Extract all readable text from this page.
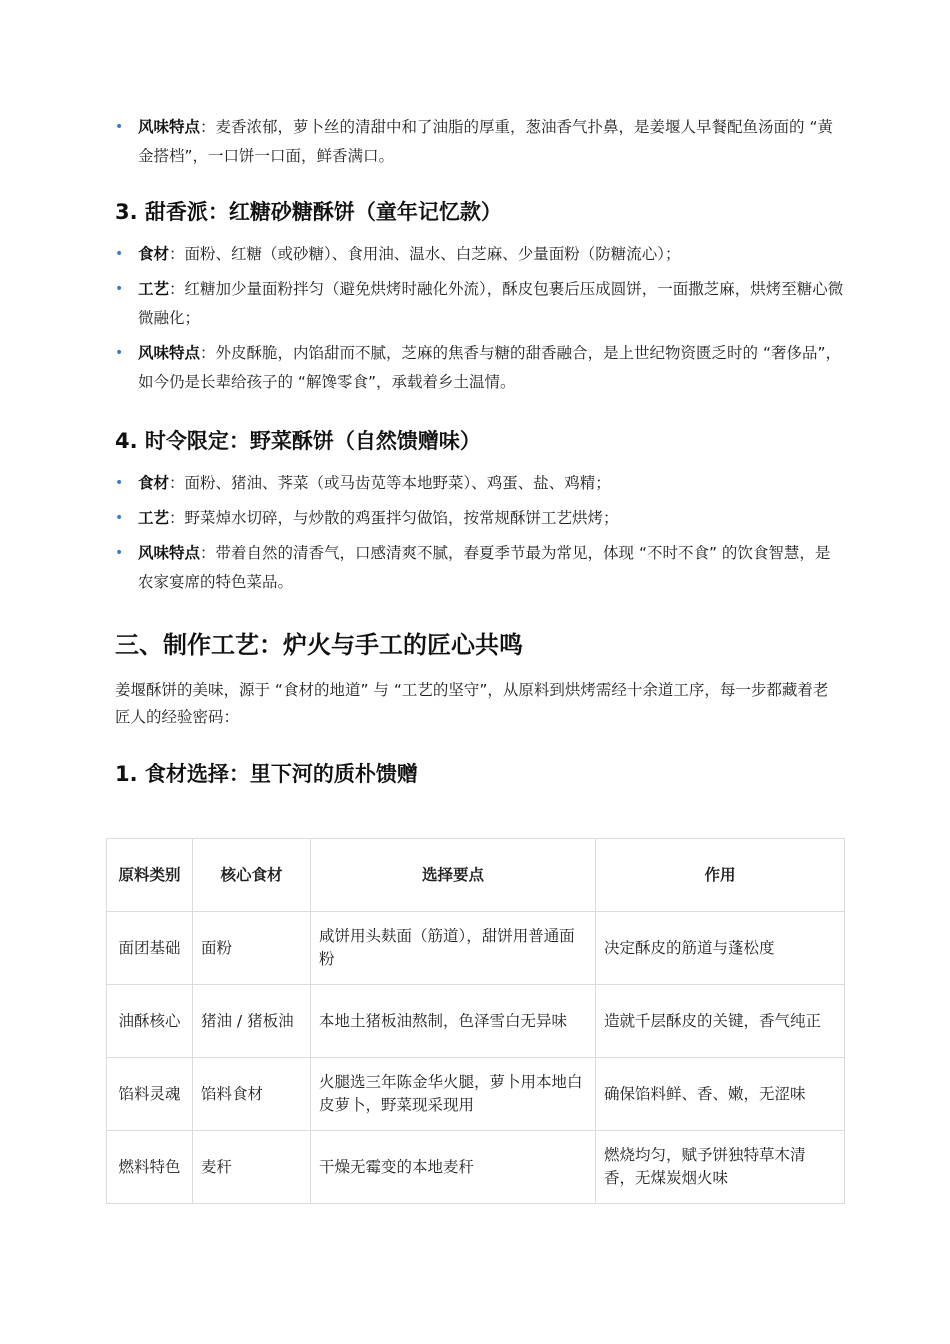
• 风味特点：麦香浓郁，萝卜丝的清甜中和了油脂的厚重，葱油香气扑鼻，是姜堰人早餐配鱼汤面的 “黄金搭档”，一口饼一口面，鲜香满口。
3. 甜香派：红糖砂糖酥饼（童年记忆款）
• 食材：面粉、红糖（或砂糖）、食用油、温水、白芝麻、少量面粉（防糖流心）；
• 工艺：红糖加少量面粉拌匀（避免烘烤时融化外流），酥皮包裹后压成圆饼，一面撒芝麻，烘烤至糖心微微融化；
• 风味特点：外皮酥脆，内馅甜而不腻，芝麻的焦香与糖的甜香融合，是上世纪物资匮乏时的 “奢侈品”，如今仍是长辈给孩子的 “解馋零食”，承载着乡土温情。
4. 时令限定：野菜酥饼（自然馈赠味）
• 食材：面粉、猪油、荠菜（或马齿苋等本地野菜）、鸡蛋、盐、鸡精；
• 工艺：野菜焯水切碎，与炒散的鸡蛋拌匀做馅，按常规酥饼工艺烘烤；
• 风味特点：带着自然的清香气，口感清爽不腻，春夏季节最为常见，体现 “不时不食” 的饮食智慧，是农家宴席的特色菜品。
三、制作工艺：炉火与手工的匠心共鸣

姜堰酥饼的美味，源于 “食材的地道” 与 “工艺的坚守”，从原料到烘烤需经十余道工序，每一步都藏着老匠人的经验密码：

1. 食材选择：里下河的质朴馈赠
原料类别	核心食材	选择要点	作用
面团基础	面粉	咸饼用头麸面（筋道），甜饼用普通面粉	决定酥皮的筋道与蓬松度
油酥核心	猪油 / 猪板油	本地土猪板油熬制，色泽雪白无异味	造就千层酥皮的关键，香气纯正
馅料灵魂	馅料食材	火腿选三年陈金华火腿，萝卜用本地白皮萝卜，野菜现采现用	确保馅料鲜、香、嫩，无涩味
燃料特色	麦秆	干燥无霉变的本地麦秆	燃烧均匀，赋予饼独特草木清香，无煤炭烟火味
